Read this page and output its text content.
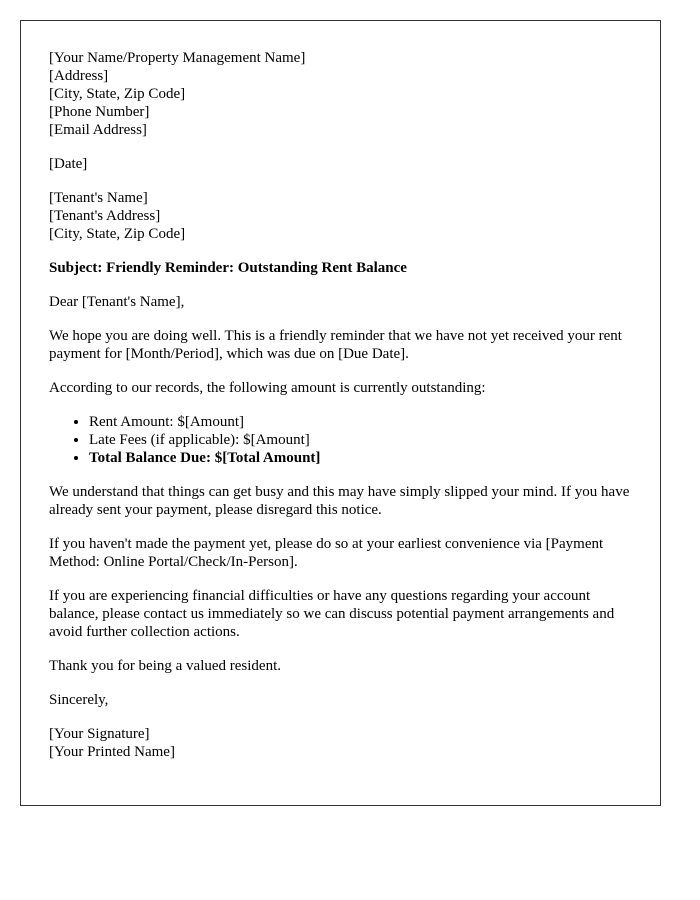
[Your Name/Property Management Name]
[Address]
[City, State, Zip Code]
[Phone Number]
[Email Address]

[Date]

[Tenant's Name]
[Tenant's Address]
[City, State, Zip Code]

Subject: Friendly Reminder: Outstanding Rent Balance

Dear [Tenant's Name],

We hope you are doing well. This is a friendly reminder that we have not yet received your rent payment for [Month/Period], which was due on [Due Date].

According to our records, the following amount is currently outstanding:

• Rent Amount: $[Amount]
• Late Fees (if applicable): $[Amount]
• Total Balance Due: $[Total Amount]

We understand that things can get busy and this may have simply slipped your mind. If you have already sent your payment, please disregard this notice.

If you haven't made the payment yet, please do so at your earliest convenience via [Payment Method: Online Portal/Check/In-Person].

If you are experiencing financial difficulties or have any questions regarding your account balance, please contact us immediately so we can discuss potential payment arrangements and avoid further collection actions.

Thank you for being a valued resident.

Sincerely,

[Your Signature]
[Your Printed Name]
